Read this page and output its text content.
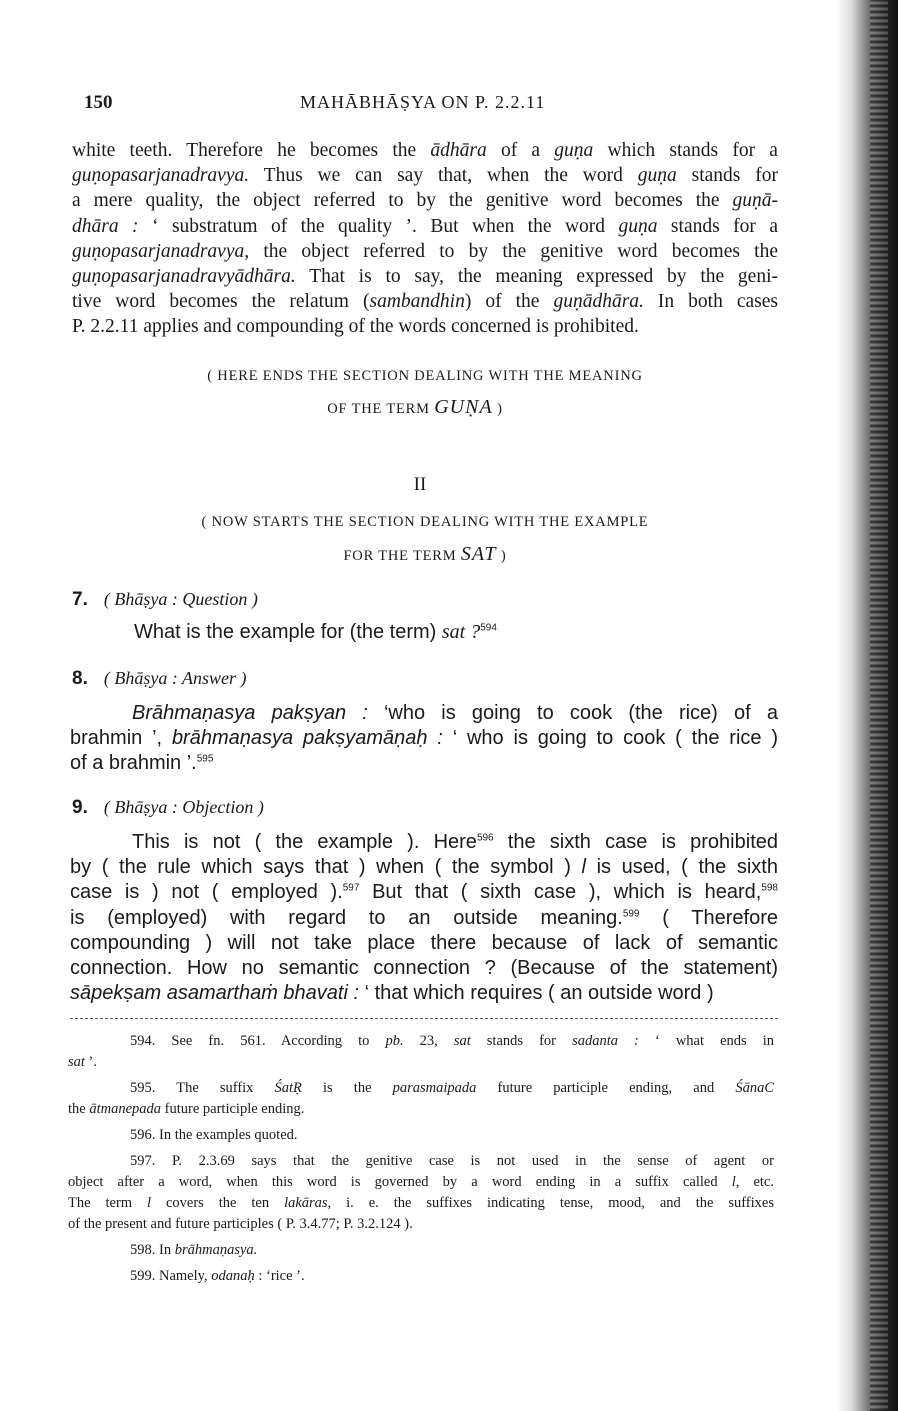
150	MAHĀBHĀṢYA ON P. 2.2.11
white teeth. Therefore he becomes the ādhāra of a guṇa which stands for a
guṇopasarjanadravya. Thus we can say that, when the word guṇa stands for
a mere quality, the object referred to by the genitive word becomes the guṇā-
dhāra : ‘ substratum of the quality ’. But when the word guṇa stands for a
guṇopasarjanadravya, the object referred to by the genitive word becomes the
guṇopasarjanadravyādhāra. That is to say, the meaning expressed by the geni-
tive word becomes the relatum (sambandhin) of the guṇādhāra. In both cases
P. 2.2.11 applies and compounding of the words concerned is prohibited.
( HERE ENDS THE SECTION DEALING WITH THE MEANING
OF THE TERM GUṆA )
II
( NOW STARTS THE SECTION DEALING WITH THE EXAMPLE
FOR THE TERM SAT )
7. ( Bhāṣya : Question )
What is the example for (the term) sat ?$^{594}$
8. ( Bhāṣya : Answer )
Brāhmaṇasya pakṣyan : ‘who is going to cook (the rice) of a
brahmin ’, brāhmaṇasya pakṣyamāṇaḥ : ‘ who is going to cook ( the rice )
of a brahmin ’.$^{595}$
9. ( Bhāṣya : Objection )
This is not ( the example ). Here$^{596}$ the sixth case is prohibited
by ( the rule which says that ) when ( the symbol ) l is used, ( the sixth
case is ) not ( employed ).$^{597}$ But that ( sixth case ), which is heard,$^{598}$
is (employed) with regard to an outside meaning.$^{599}$ ( Therefore
compounding ) will not take place there because of lack of semantic
connection. How no semantic connection ? (Because of the statement)
sāpekṣam asamarthaṁ bhavati : ‘ that which requires ( an outside word )
594. See fn. 561. According to pb. 23, sat stands for sadanta : ‘ what ends in
sat ’.
595. The suffix ŚatṚ is the parasmaipada future participle ending, and ŚānaC
the ātmanepada future participle ending.
596. In the examples quoted.
597. P. 2.3.69 says that the genitive case is not used in the sense of agent or
object after a word, when this word is governed by a word ending in a suffix called l, etc.
The term l covers the ten lakāras, i. e. the suffixes indicating tense, mood, and the suffixes
of the present and future participles ( P. 3.4.77; P. 3.2.124 ).
598. In brāhmaṇasya.
599. Namely, odanaḥ : ‘rice ’.
